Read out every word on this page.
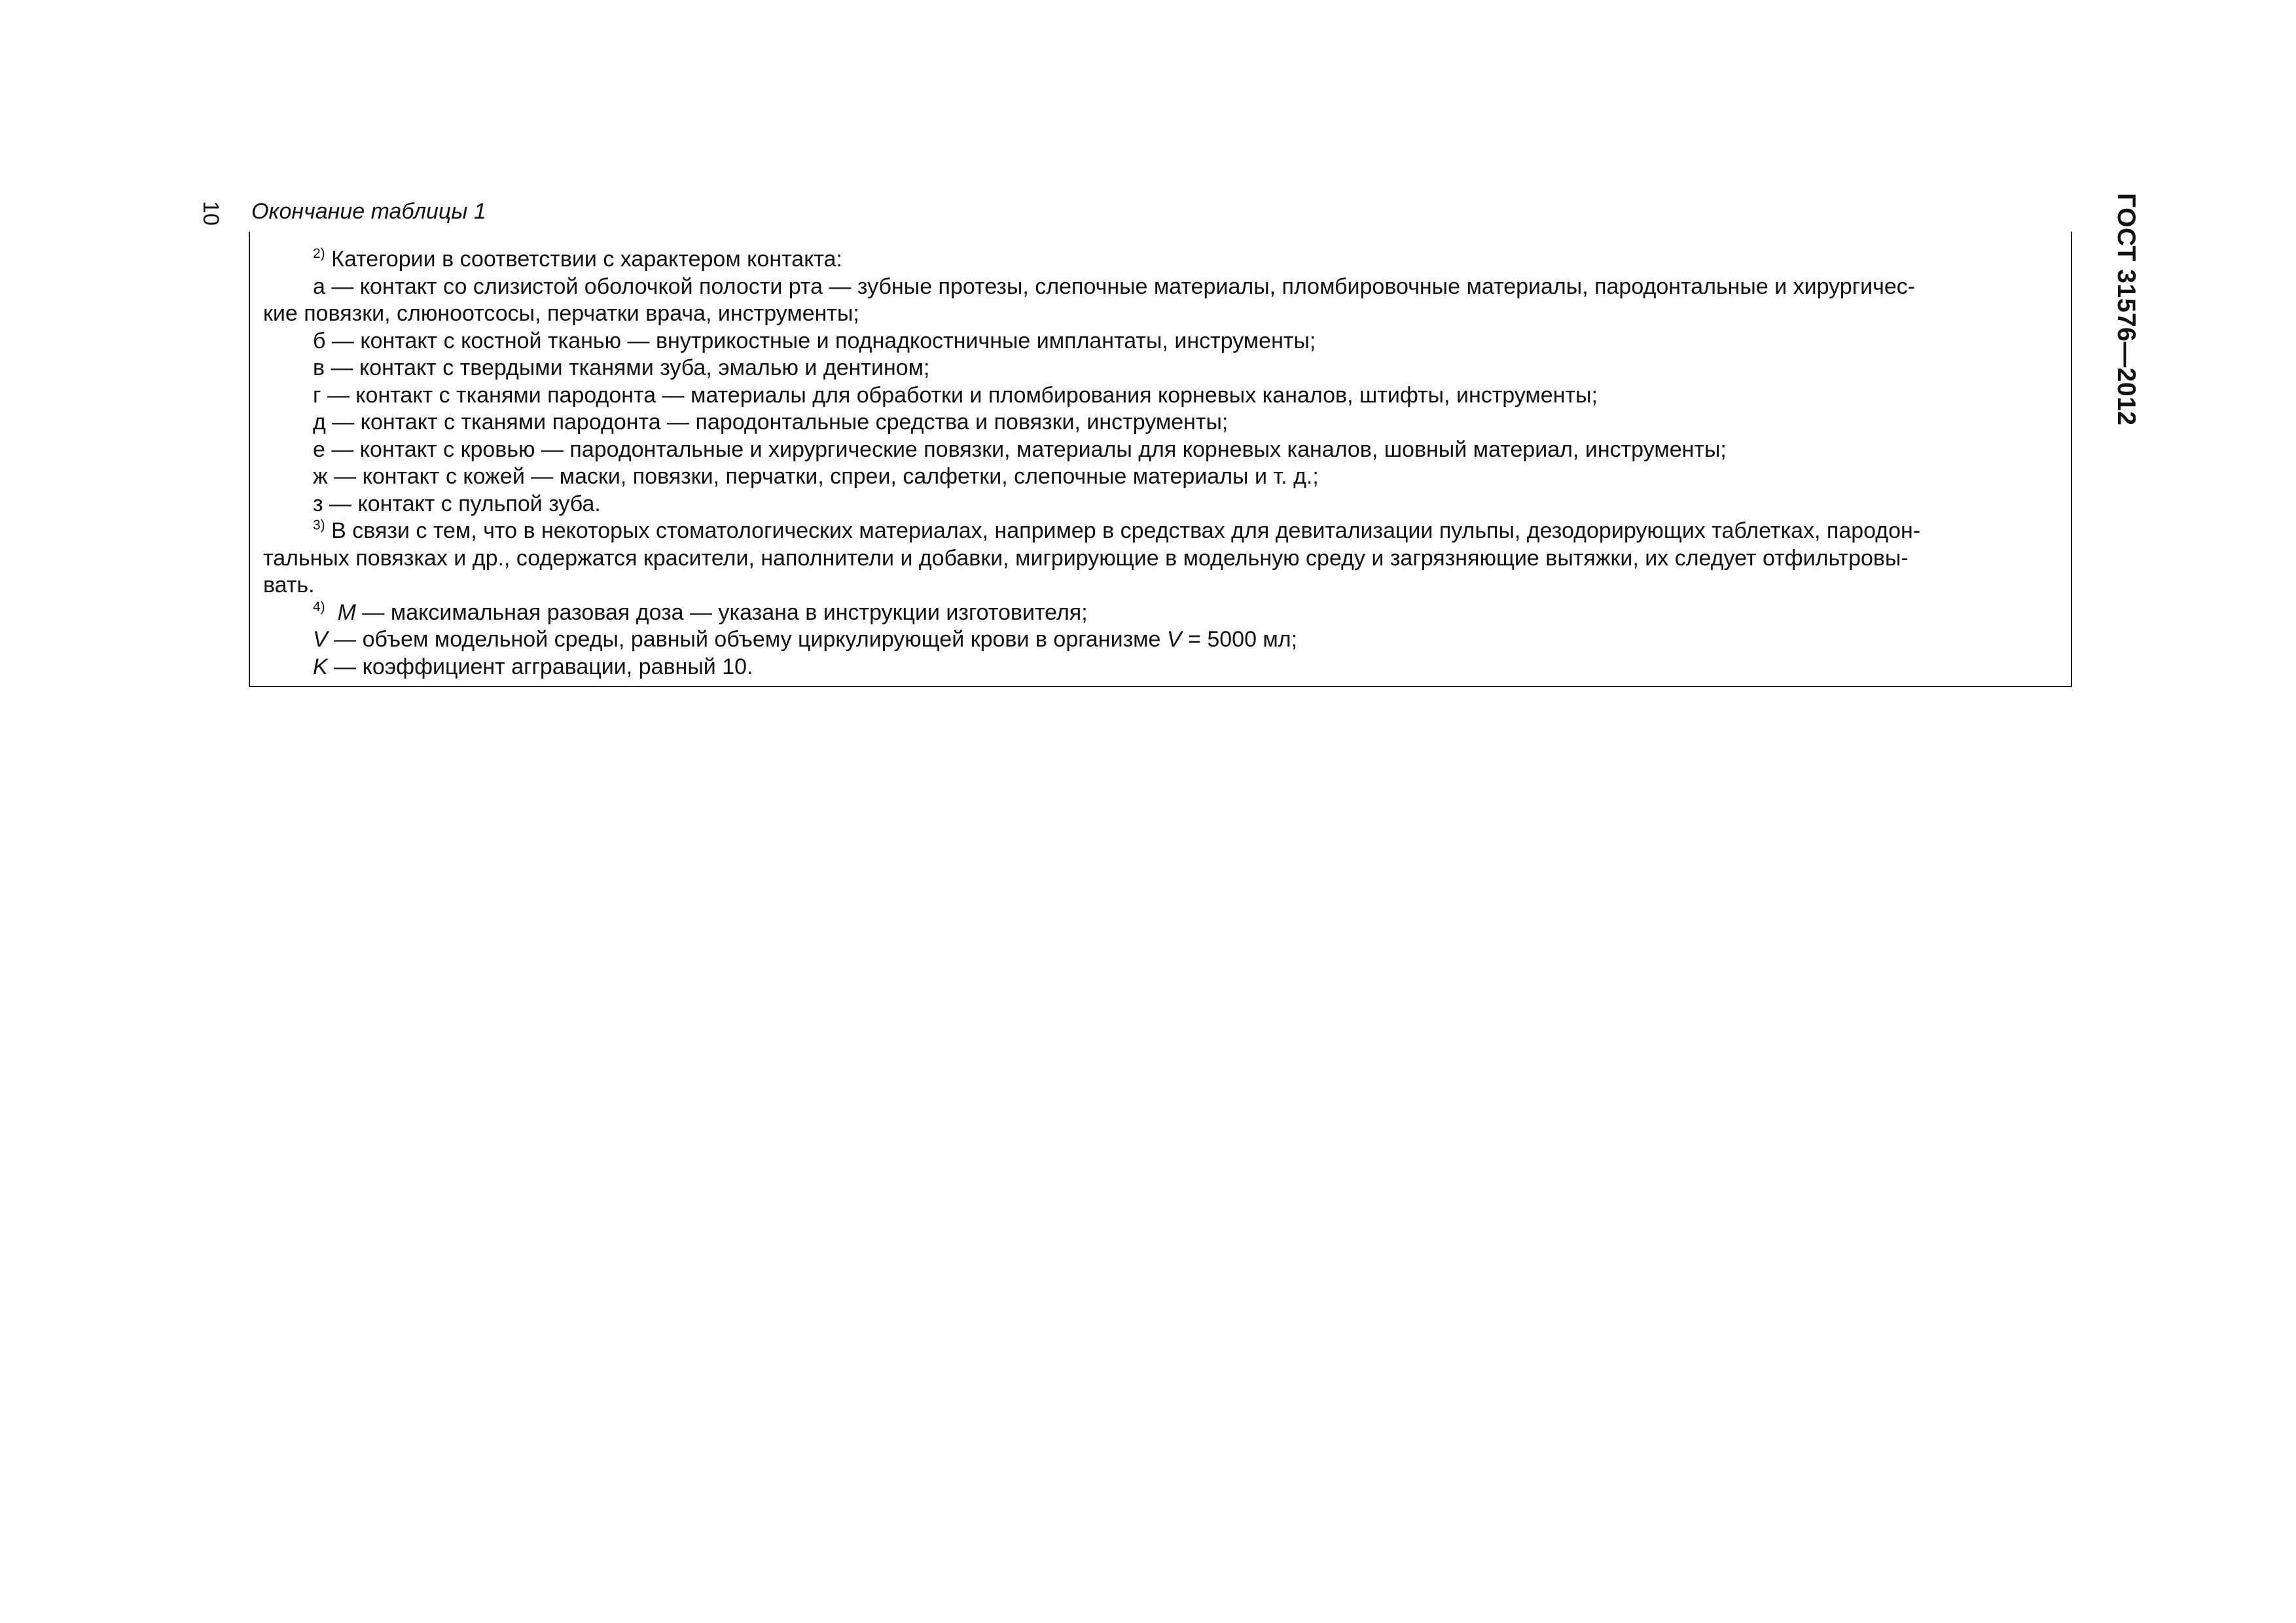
10	ГОСТ 31576—2012
Окончание таблицы 1
$^{2)}$ Категории в соответствии с характером контакта:
а — контакт со слизистой оболочкой полости рта — зубные протезы, слепочные материалы, пломбировочные материалы, пародонтальные и хирургичес-
кие повязки, слюноотсосы, перчатки врача, инструменты;
б — контакт с костной тканью — внутрикостные и поднадкостничные имплантаты, инструменты;
в — контакт с твердыми тканями зуба, эмалью и дентином;
г — контакт с тканями пародонта — материалы для обработки и пломбирования корневых каналов, штифты, инструменты;
д — контакт с тканями пародонта — пародонтальные средства и повязки, инструменты;
е — контакт с кровью — пародонтальные и хирургические повязки, материалы для корневых каналов, шовный материал, инструменты;
ж — контакт с кожей — маски, повязки, перчатки, спреи, салфетки, слепочные материалы и т. д.;
з — контакт с пульпой зуба.
$^{3)}$ В связи с тем, что в некоторых стоматологических материалах, например в средствах для девитализации пульпы, дезодорирующих таблетках, пародон-
тальных повязках и др., содержатся красители, наполнители и добавки, мигрирующие в модельную среду и загрязняющие вытяжки, их следует отфильтровы-
вать.
$^{4)}$ M — максимальная разовая доза — указана в инструкции изготовителя;
V — объем модельной среды, равный объему циркулирующей крови в организме V = 5000 мл;
K — коэффициент аггравации, равный 10.
